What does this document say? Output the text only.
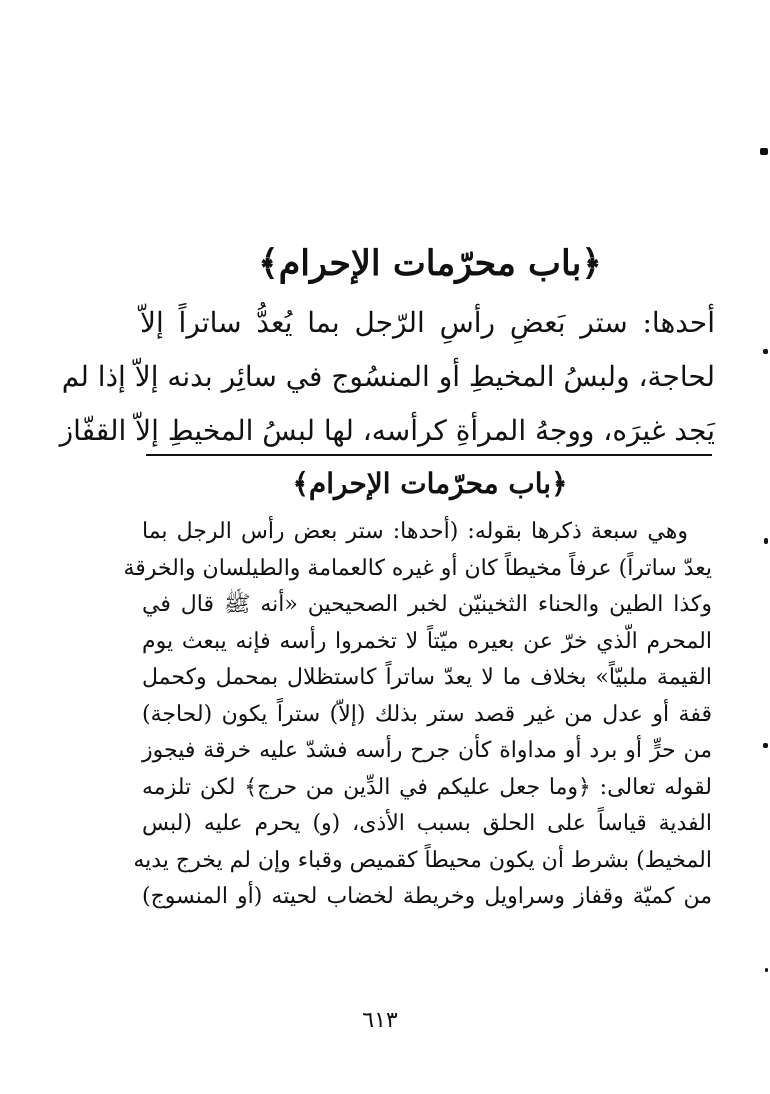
﴿باب محرّمات الإحرام﴾
أحدها: ستر بَعضِ رأسِ الرّجل بما يُعدُّ ساتراً إلاّ
لحاجة، ولبسُ المخيطِ أو المنسُوج في سائِر بدنه إلاّ إذا لم
يَجد غيرَه، ووجهُ المرأةِ كرأسه، لها لبسُ المخيطِ إلاّ القفّاز
﴿باب محرّمات الإحرام﴾
وهي سبعة ذكرها بقوله: (أحدها: ستر بعض رأس الرجل بما
يعدّ ساتراً) عرفاً مخيطاً كان أو غيره كالعمامة والطيلسان والخرقة
وكذا الطين والحناء الثخينيّن لخبر الصحيحين «أنه ﷺ قال في
المحرم الّذي خرّ عن بعيره ميّتاً لا تخمروا رأسه فإنه يبعث يوم
القيمة ملبيّاً» بخلاف ما لا يعدّ ساتراً كاستظلال بمحمل وكحمل
قفة أو عدل من غير قصد ستر بذلك (إلاّ) ستراً يكون (لحاجة)
من حرٍّ أو برد أو مداواة كأن جرح رأسه فشدّ عليه خرقة فيجوز
لقوله تعالى: ﴿وما جعل عليكم في الدِّين من حرج﴾ لكن تلزمه
الفدية قياساً على الحلق بسبب الأذى، (و) يحرم عليه (لبس
المخيط) بشرط أن يكون محيطاً كقميص وقباء وإن لم يخرج يديه
من كميّة وقفاز وسراويل وخريطة لخضاب لحيته (أو المنسوج)
٦١٣
